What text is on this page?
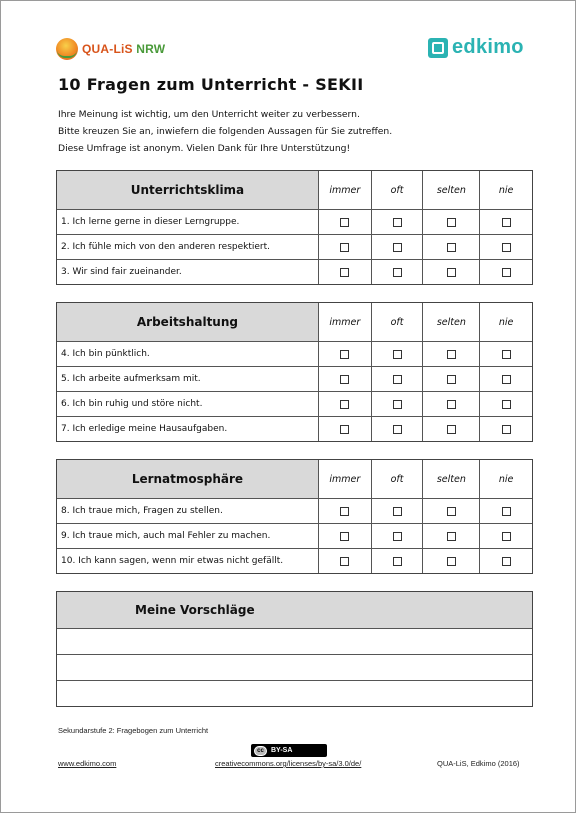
QUA-LiS NRW	edkimo
10 Fragen zum Unterricht - SEKII
Ihre Meinung ist wichtig, um den Unterricht weiter zu verbessern.
Bitte kreuzen Sie an, inwiefern die folgenden Aussagen für Sie zutreffen.
Diese Umfrage ist anonym. Vielen Dank für Ihre Unterstützung!
Unterrichtsklima	immer	oft	selten	nie
1. Ich lerne gerne in dieser Lerngruppe.
2. Ich fühle mich von den anderen respektiert.
3. Wir sind fair zueinander.
Arbeitshaltung	immer	oft	selten	nie
4. Ich bin pünktlich.
5. Ich arbeite aufmerksam mit.
6. Ich bin ruhig und störe nicht.
7. Ich erledige meine Hausaufgaben.
Lernatmosphäre	immer	oft	selten	nie
8. Ich traue mich, Fragen zu stellen.
9. Ich traue mich, auch mal Fehler zu machen.
10. Ich kann sagen, wenn mir etwas nicht gefällt.
Meine Vorschläge
Sekundarstufe 2: Fragebogen zum Unterricht
cc	BY-SA
www.edkimo.com	creativecommons.org/licenses/by-sa/3.0/de/	QUA-LiS, Edkimo (2016)
